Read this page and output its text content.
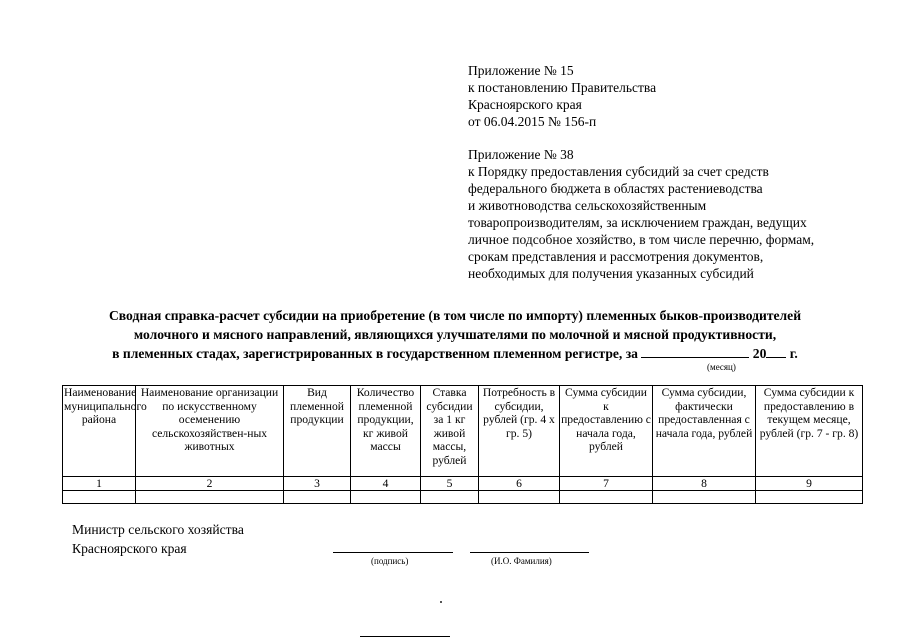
Приложение № 15
к постановлению Правительства
Красноярского края
от 06.04.2015 № 156-п
Приложение № 38
к Порядку предоставления субсидий за счет средств
федерального бюджета в областях растениеводства
и животноводства сельскохозяйственным
товаропроизводителям, за исключением граждан, ведущих
личное подсобное хозяйство, в том числе перечню, формам,
срокам представления и рассмотрения документов,
необходимых для получения указанных субсидий
Сводная справка-расчет субсидии на приобретение (в том числе по импорту) племенных быков-производителей
молочного и мясного направлений, являющихся улучшателями по молочной и мясной продуктивности,
в племенных стадах, зарегистрированных в государственном племенном регистре, за	20 г.
(месяц)
Наименование муниципального района	Наименование организации по искусственному осеменению сельскохозяйствен-ных животных	Вид племенной продукции	Количество племенной продукции, кг живой массы	Ставка субсидии за 1 кг живой массы, рублей	Потребность в субсидии, рублей (гр. 4 х гр. 5)	Сумма субсидии к предоставлению с начала года, рублей	Сумма субсидии, фактически предоставленная с начала года, рублей	Сумма субсидии к предоставлению в текущем месяце, рублей (гр. 7 - гр. 8)
1	2	3	4	5	6	7	8	9

Министр сельского хозяйства
Красноярского края
(подпись)	(И.О. Фамилия)
